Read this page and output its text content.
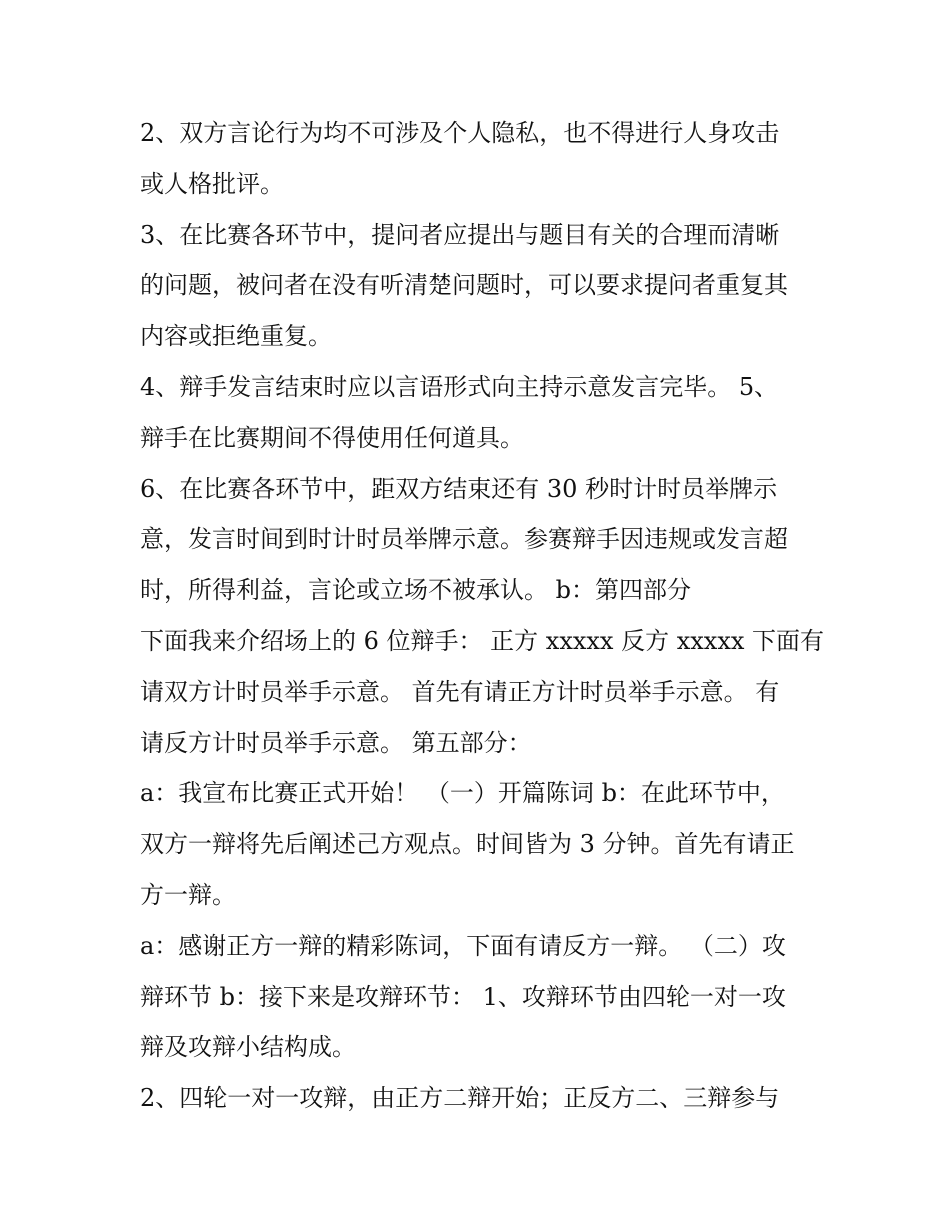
2、双方言论行为均不可涉及个人隐私，也不得进行人身攻击
或人格批评。
3、在比赛各环节中，提问者应提出与题目有关的合理而清晰
的问题，被问者在没有听清楚问题时，可以要求提问者重复其
内容或拒绝重复。
4、辩手发言结束时应以言语形式向主持示意发言完毕。 5、
辩手在比赛期间不得使用任何道具。
6、在比赛各环节中，距双方结束还有 30 秒时计时员举牌示
意，发言时间到时计时员举牌示意。参赛辩手因违规或发言超
时，所得利益，言论或立场不被承认。 b：第四部分
下面我来介绍场上的 6 位辩手： 正方 xxxxx 反方 xxxxx 下面有
请双方计时员举手示意。 首先有请正方计时员举手示意。 有
请反方计时员举手示意。 第五部分：
a：我宣布比赛正式开始！ （一）开篇陈词 b：在此环节中，
双方一辩将先后阐述己方观点。时间皆为 3 分钟。首先有请正
方一辩。
a：感谢正方一辩的精彩陈词，下面有请反方一辩。 （二）攻
辩环节 b：接下来是攻辩环节： 1、攻辩环节由四轮一对一攻
辩及攻辩小结构成。
2、四轮一对一攻辩，由正方二辩开始；正反方二、三辩参与
